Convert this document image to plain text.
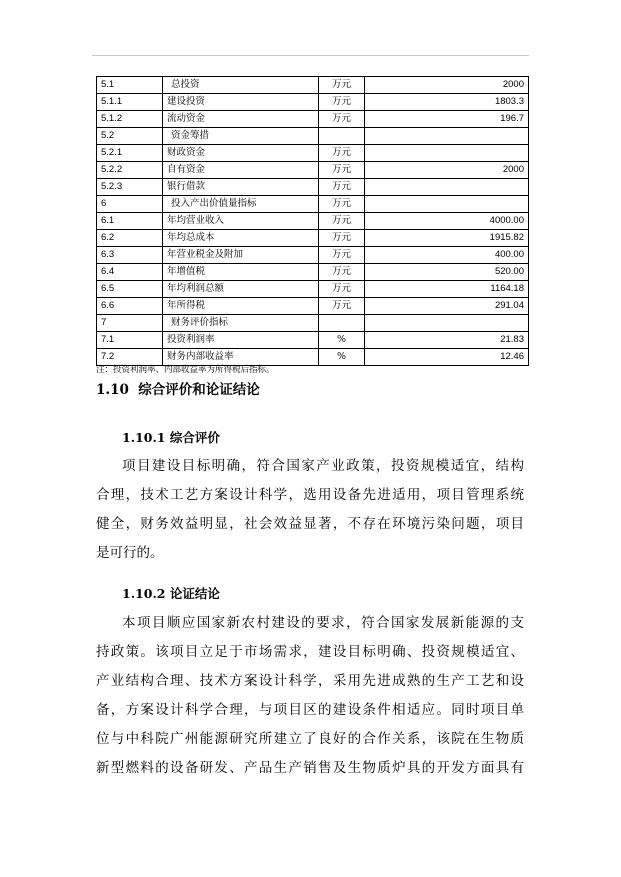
5.1	总投资	万元	2000
5.1.1	建设投资	万元	1803.3
5.1.2	流动资金	万元	196.7
5.2	资金筹措		
5.2.1	财政资金	万元	
5.2.2	自有资金	万元	2000
5.2.3	银行借款	万元	
6	投入产出价值量指标	万元	
6.1	年均营业收入	万元	4000.00
6.2	年均总成本	万元	1915.82
6.3	年营业税金及附加	万元	400.00
6.4	年增值税	万元	520.00
6.5	年均利润总额	万元	1164.18
6.6	年所得税	万元	291.04
7	财务评价指标		
7.1	投资利润率	%	21.83
7.2	财务内部收益率	%	12.46
注：投资利润率、内部收益率为所得税后指标。
1.10 综合评价和论证结论
1.10.1 综合评价
项目建设目标明确，符合国家产业政策，投资规模适宜，结构
合理，技术工艺方案设计科学，选用设备先进适用，项目管理系统
健全，财务效益明显，社会效益显著，不存在环境污染问题，项目
是可行的。
1.10.2 论证结论
本项目顺应国家新农村建设的要求，符合国家发展新能源的支
持政策。该项目立足于市场需求，建设目标明确、投资规模适宜、
产业结构合理、技术方案设计科学，采用先进成熟的生产工艺和设
备，方案设计科学合理，与项目区的建设条件相适应。同时项目单
位与中科院广州能源研究所建立了良好的合作关系，该院在生物质
新型燃料的设备研发、产品生产销售及生物质炉具的开发方面具有
